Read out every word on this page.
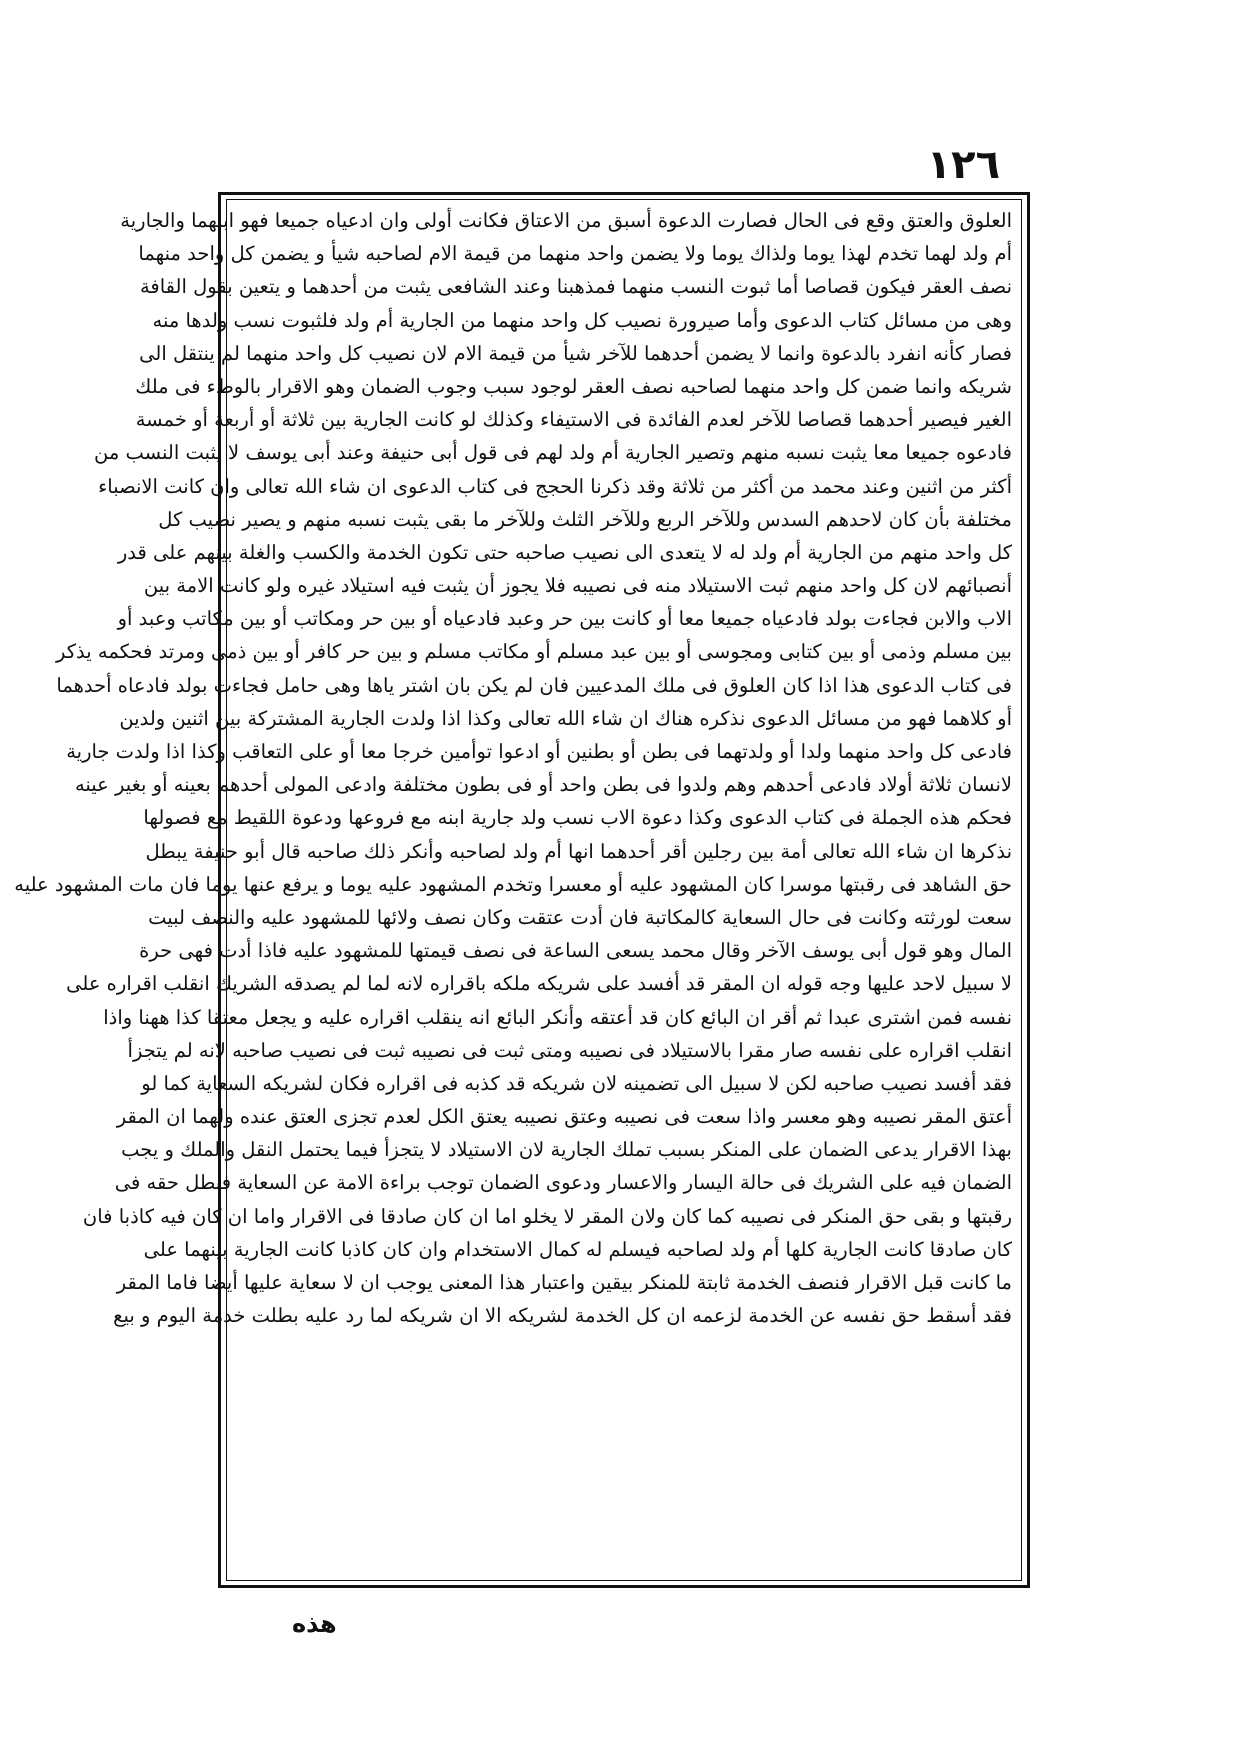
١٢٦

العلوق والعتق وقع فى الحال فصارت الدعوة أسبق من الاعتاق فكانت أولى وان ادعياه جميعا فهو ابنهما والجارية

أم ولد لهما تخدم لهذا يوما ولذاك يوما ولا يضمن واحد منهما من قيمة الام لصاحبه شيأ و يضمن كل واحد منهما

نصف العقر فيكون قصاصا أما ثبوت النسب منهما فمذهبنا وعند الشافعى يثبت من أحدهما و يتعين بقول القافة

وهى من مسائل كتاب الدعوى وأما صيرورة نصيب كل واحد منهما من الجارية أم ولد فلثبوت نسب ولدها منه

فصار كأنه انفرد بالدعوة وانما لا يضمن أحدهما للآخر شيأ من قيمة الام لان نصيب كل واحد منهما لم ينتقل الى

شريكه وانما ضمن كل واحد منهما لصاحبه نصف العقر لوجود سبب وجوب الضمان وهو الاقرار بالوطء فى ملك

الغير فيصير أحدهما قصاصا للآخر لعدم الفائدة فى الاستيفاء وكذلك لو كانت الجارية بين ثلاثة أو أربعة أو خمسة

فادعوه جميعا معا يثبت نسبه منهم وتصير الجارية أم ولد لهم فى قول أبى حنيفة وعند أبى يوسف لا يثبت النسب من

أكثر من اثنين وعند محمد من أكثر من ثلاثة وقد ذكرنا الحجج فى كتاب الدعوى ان شاء الله تعالى وان كانت الانصباء

مختلفة بأن كان لاحدهم السدس وللآخر الربع وللآخر الثلث وللآخر ما بقى يثبت نسبه منهم و يصير نصيب كل

كل واحد منهم من الجارية أم ولد له لا يتعدى الى نصيب صاحبه حتى تكون الخدمة والكسب والغلة بينهم على قدر

أنصبائهم لان كل واحد منهم ثبت الاستيلاد منه فى نصيبه فلا يجوز أن يثبت فيه استيلاد غيره ولو كانت الامة بين

الاب والابن فجاءت بولد فادعياه جميعا معا أو كانت بين حر وعبد فادعياه أو بين حر ومكاتب أو بين مكاتب وعبد أو

بين مسلم وذمى أو بين كتابى ومجوسى أو بين عبد مسلم أو مكاتب مسلم و بين حر كافر أو بين ذمى ومرتد فحكمه يذكر

فى كتاب الدعوى هذا اذا كان العلوق فى ملك المدعيين فان لم يكن بان اشتر ياها وهى حامل فجاءت بولد فادعاه أحدهما

أو كلاهما فهو من مسائل الدعوى نذكره هناك ان شاء الله تعالى وكذا اذا ولدت الجارية المشتركة بين اثنين ولدين

فادعى كل واحد منهما ولدا أو ولدتهما فى بطن أو بطنين أو ادعوا توأمين خرجا معا أو على التعاقب وكذا اذا ولدت جارية

لانسان ثلاثة أولاد فادعى أحدهم وهم ولدوا فى بطن واحد أو فى بطون مختلفة وادعى المولى أحدهم بعينه أو بغير عينه

فحكم هذه الجملة فى كتاب الدعوى وكذا دعوة الاب نسب ولد جارية ابنه مع فروعها ودعوة اللقيط مع فصولها

نذكرها ان شاء الله تعالى أمة بين رجلين أقر أحدهما انها أم ولد لصاحبه وأنكر ذلك صاحبه قال أبو حنيفة يبطل

حق الشاهد فى رقبتها موسرا كان المشهود عليه أو معسرا وتخدم المشهود عليه يوما و يرفع عنها يوما فان مات المشهود عليه

سعت لورثته وكانت فى حال السعاية كالمكاتبة فان أدت عتقت وكان نصف ولائها للمشهود عليه والنصف لبيت

المال وهو قول أبى يوسف الآخر وقال محمد يسعى الساعة فى نصف قيمتها للمشهود عليه فاذا أدت فهى حرة

لا سبيل لاحد عليها وجه قوله ان المقر قد أفسد على شريكه ملكه باقراره لانه لما لم يصدقه الشريك انقلب اقراره على

نفسه فمن اشترى عبدا ثم أقر ان البائع كان قد أعتقه وأنكر البائع انه ينقلب اقراره عليه و يجعل معتقا كذا ههنا واذا

انقلب اقراره على نفسه صار مقرا بالاستيلاد فى نصيبه ومتى ثبت فى نصيبه ثبت فى نصيب صاحبه لانه لم يتجزأ

فقد أفسد نصيب صاحبه لكن لا سبيل الى تضمينه لان شريكه قد كذبه فى اقراره فكان لشريكه السعاية كما لو

أعتق المقر نصيبه وهو معسر واذا سعت فى نصيبه وعتق نصيبه يعتق الكل لعدم تجزى العتق عنده ولهما ان المقر

بهذا الاقرار يدعى الضمان على المنكر بسبب تملك الجارية لان الاستيلاد لا يتجزأ فيما يحتمل النقل والملك و يجب

الضمان فيه على الشريك فى حالة اليسار والاعسار ودعوى الضمان توجب براءة الامة عن السعاية فبطل حقه فى

رقبتها و بقى حق المنكر فى نصيبه كما كان ولان المقر لا يخلو اما ان كان صادقا فى الاقرار واما ان كان فيه كاذبا فان

كان صادقا كانت الجارية كلها أم ولد لصاحبه فيسلم له كمال الاستخدام وان كان كاذبا كانت الجارية بينهما على

ما كانت قبل الاقرار فنصف الخدمة ثابتة للمنكر بيقين واعتبار هذا المعنى يوجب ان لا سعاية عليها أيضا فاما المقر

فقد أسقط حق نفسه عن الخدمة لزعمه ان كل الخدمة لشريكه الا ان شريكه لما رد عليه بطلت خدمة اليوم و بيع

هذه
